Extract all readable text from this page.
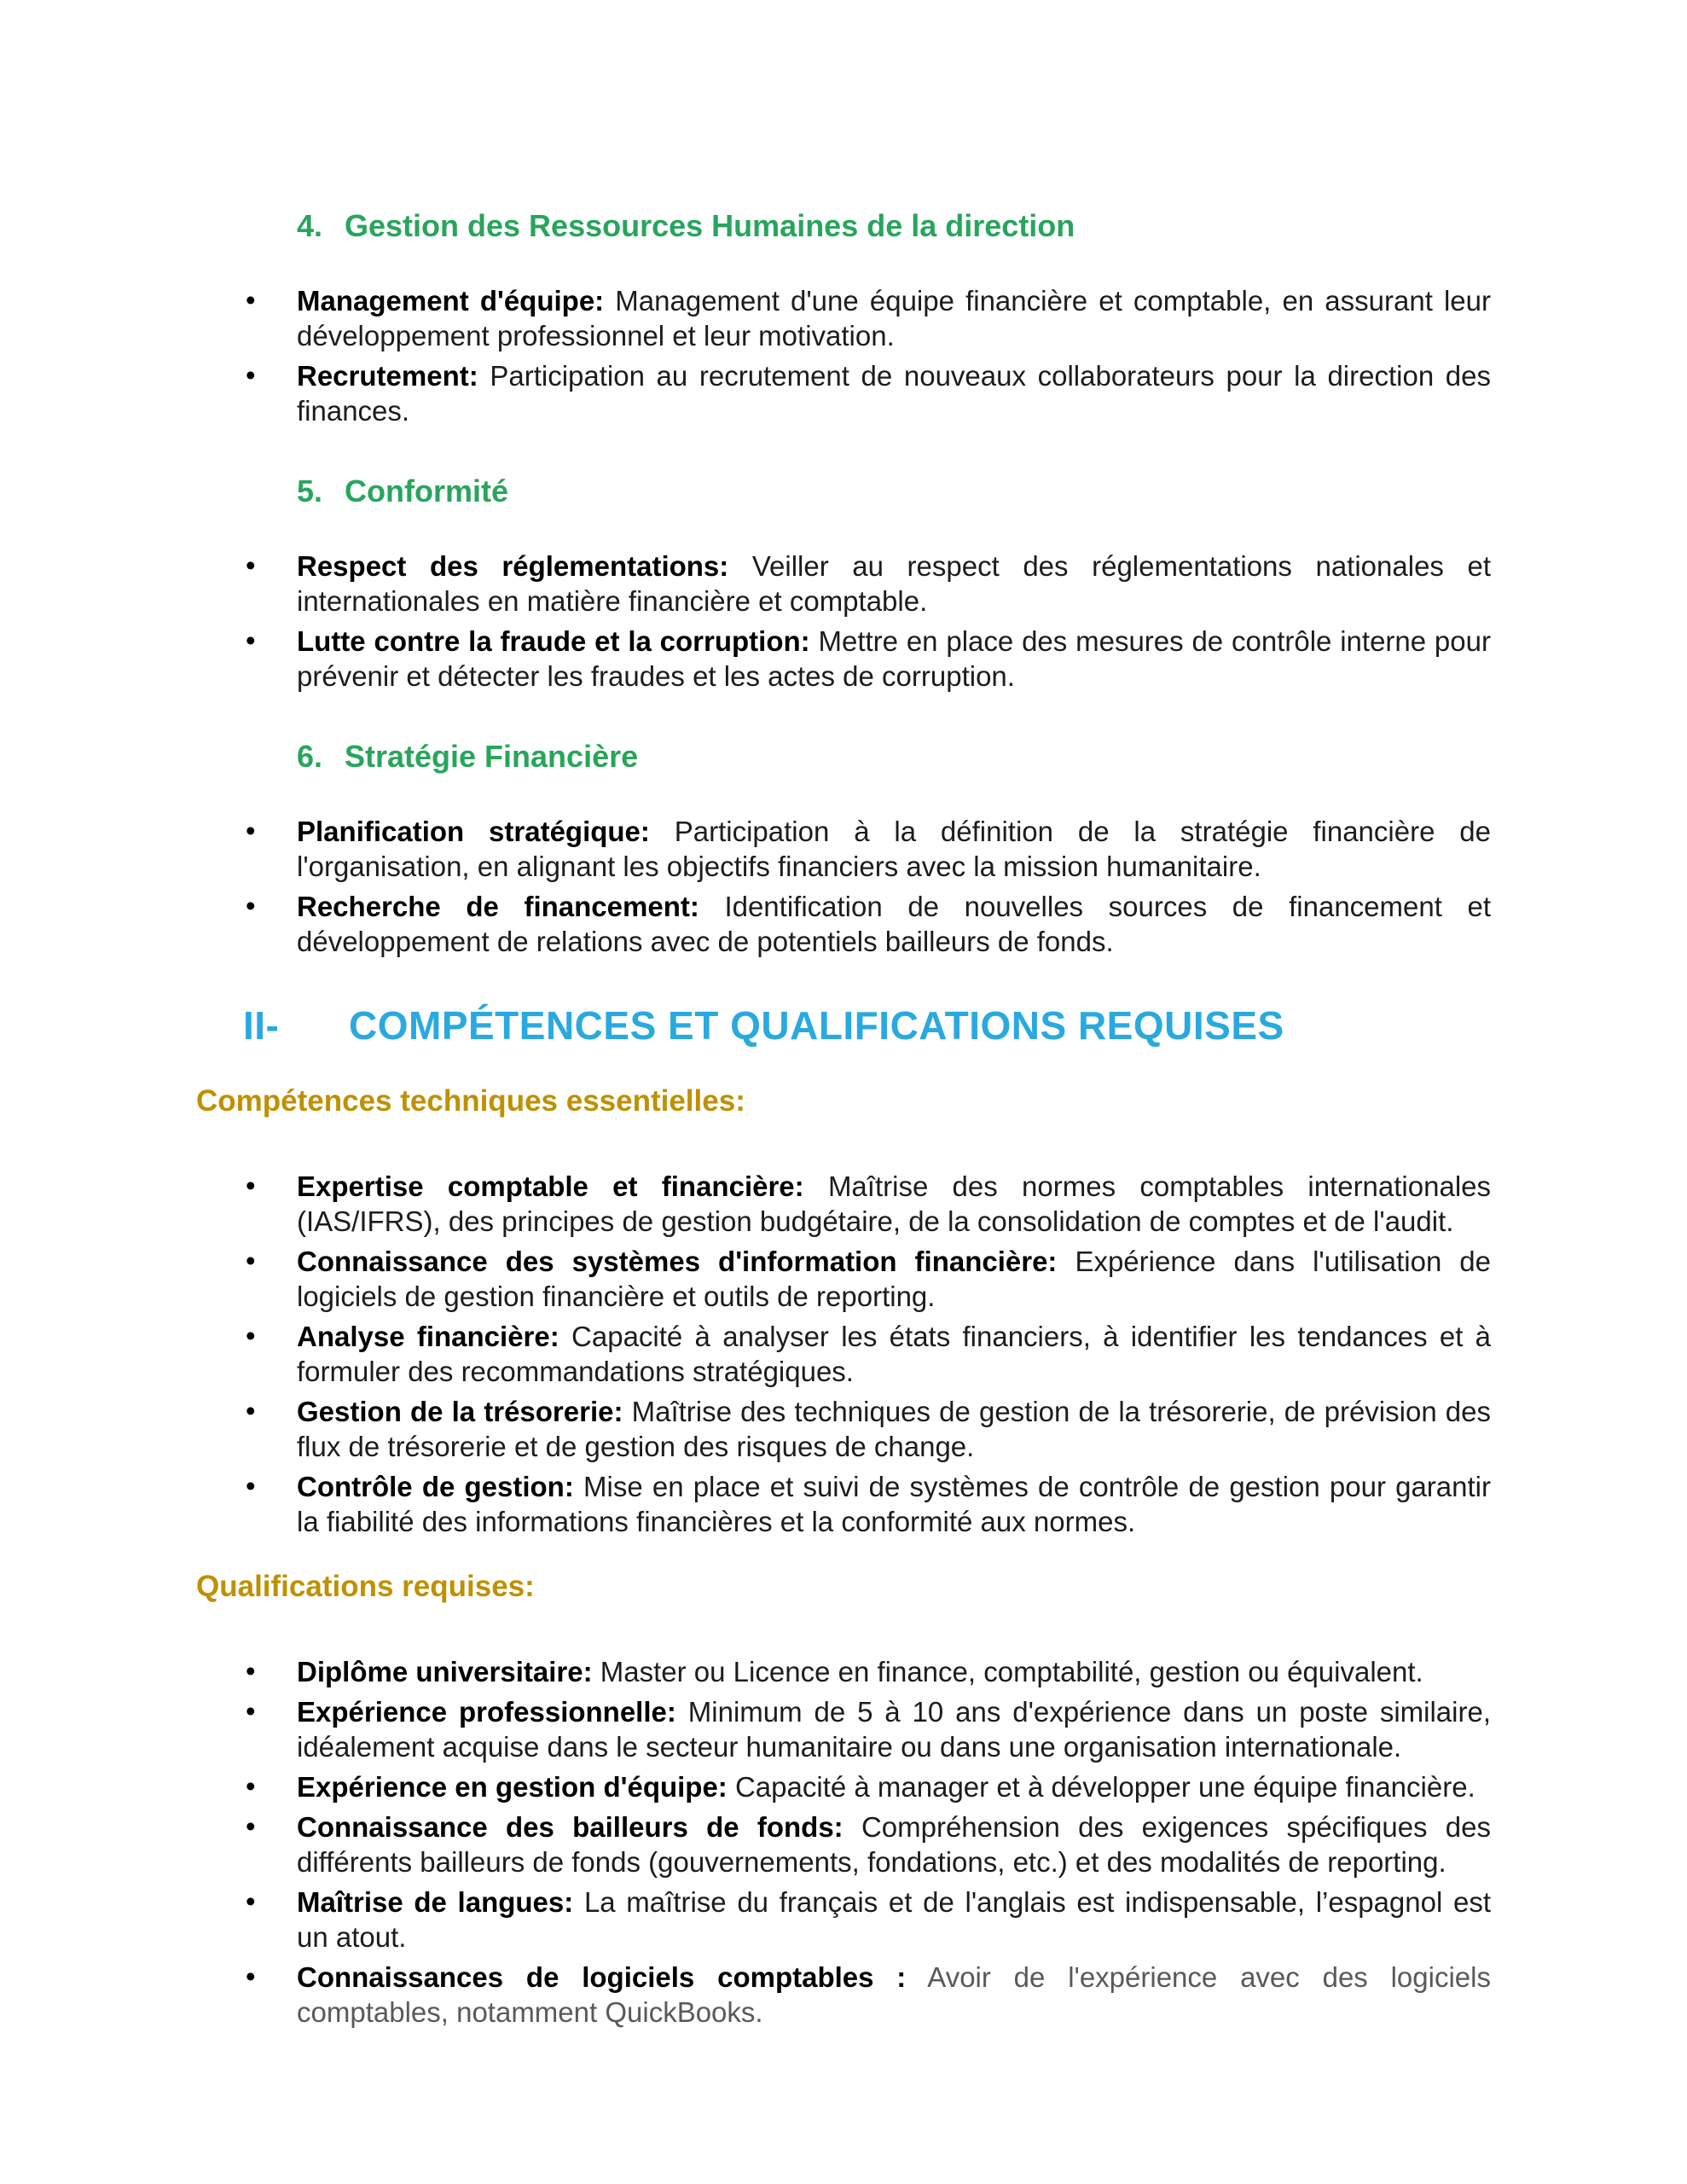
4. Gestion des Ressources Humaines de la direction
• Management d'équipe: Management d'une équipe financière et comptable, en assurant leur développement professionnel et leur motivation.
• Recrutement: Participation au recrutement de nouveaux collaborateurs pour la direction des finances.
5. Conformité
• Respect des réglementations: Veiller au respect des réglementations nationales et internationales en matière financière et comptable.
• Lutte contre la fraude et la corruption: Mettre en place des mesures de contrôle interne pour prévenir et détecter les fraudes et les actes de corruption.
6. Stratégie Financière
• Planification stratégique: Participation à la définition de la stratégie financière de l'organisation, en alignant les objectifs financiers avec la mission humanitaire.
• Recherche de financement: Identification de nouvelles sources de financement et développement de relations avec de potentiels bailleurs de fonds.
II-	COMPÉTENCES ET QUALIFICATIONS REQUISES
Compétences techniques essentielles:
• Expertise comptable et financière: Maîtrise des normes comptables internationales (IAS/IFRS), des principes de gestion budgétaire, de la consolidation de comptes et de l'audit.
• Connaissance des systèmes d'information financière: Expérience dans l'utilisation de logiciels de gestion financière et outils de reporting.
• Analyse financière: Capacité à analyser les états financiers, à identifier les tendances et à formuler des recommandations stratégiques.
• Gestion de la trésorerie: Maîtrise des techniques de gestion de la trésorerie, de prévision des flux de trésorerie et de gestion des risques de change.
• Contrôle de gestion: Mise en place et suivi de systèmes de contrôle de gestion pour garantir la fiabilité des informations financières et la conformité aux normes.
Qualifications requises:
• Diplôme universitaire: Master ou Licence en finance, comptabilité, gestion ou équivalent.
• Expérience professionnelle: Minimum de 5 à 10 ans d'expérience dans un poste similaire, idéalement acquise dans le secteur humanitaire ou dans une organisation internationale.
• Expérience en gestion d'équipe: Capacité à manager et à développer une équipe financière.
• Connaissance des bailleurs de fonds: Compréhension des exigences spécifiques des différents bailleurs de fonds (gouvernements, fondations, etc.) et des modalités de reporting.
• Maîtrise de langues: La maîtrise du français et de l'anglais est indispensable, l’espagnol est un atout.
• Connaissances de logiciels comptables : Avoir de l'expérience avec des logiciels comptables, notamment QuickBooks.
